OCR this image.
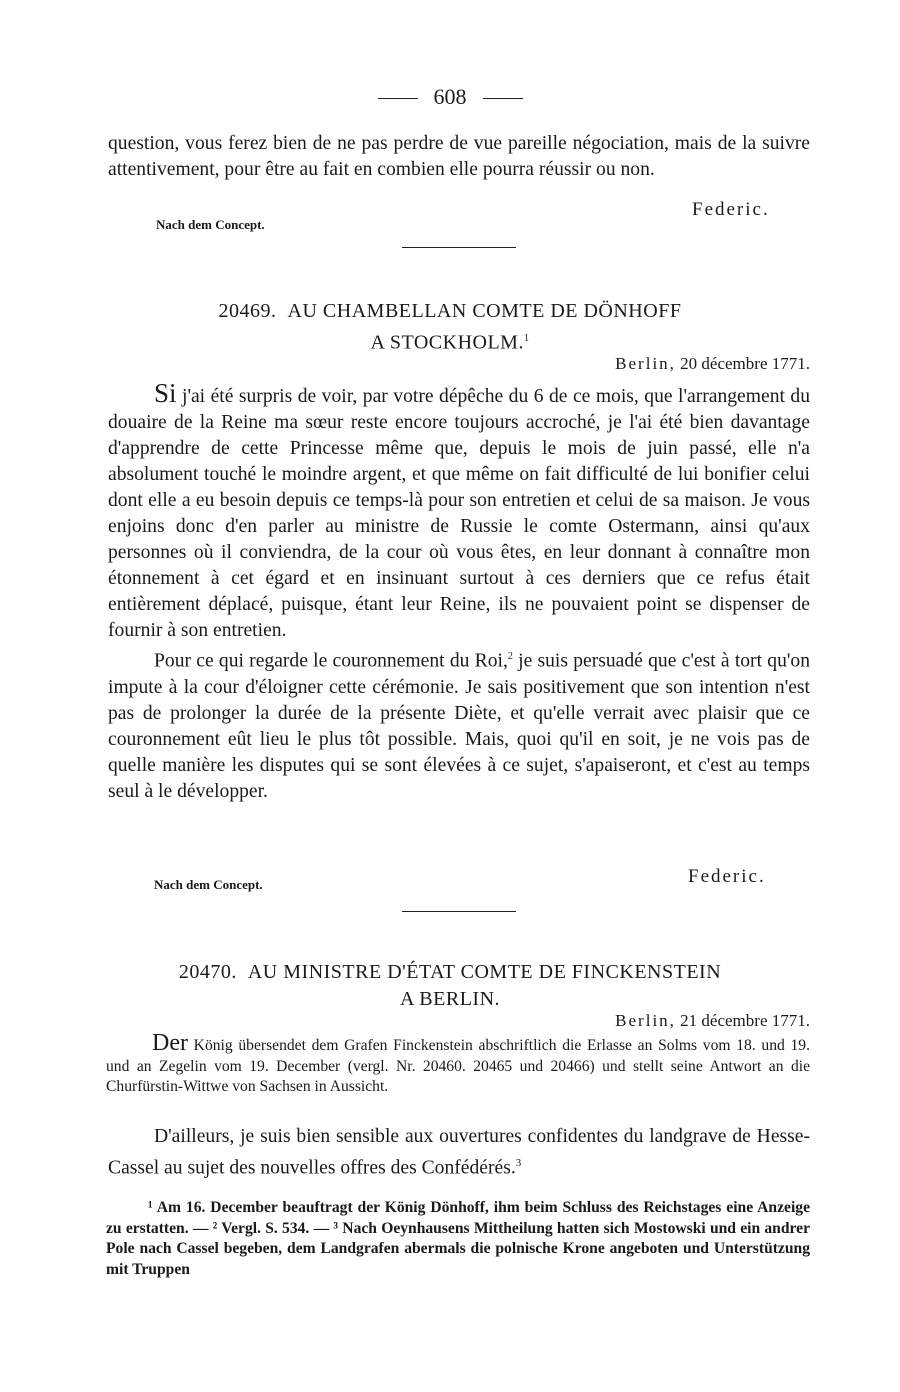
608

question, vous ferez bien de ne pas perdre de vue pareille négociation, mais de la suivre attentivement, pour être au fait en combien elle pourra réussir ou non.

Nach dem Concept.
Federic.
20469. AU CHAMBELLAN COMTE DE DÖNHOFF
A STOCKHOLM.$^1$
Berlin, 20 décembre 1771.

Si j'ai été surpris de voir, par votre dépêche du 6 de ce mois, que l'arrangement du douaire de la Reine ma sœur reste encore toujours accroché, je l'ai été bien davantage d'apprendre de cette Princesse même que, depuis le mois de juin passé, elle n'a absolument touché le moindre argent, et que même on fait difficulté de lui bonifier celui dont elle a eu besoin depuis ce temps-là pour son entretien et celui de sa maison. Je vous enjoins donc d'en parler au ministre de Russie le comte Ostermann, ainsi qu'aux personnes où il conviendra, de la cour où vous êtes, en leur donnant à connaître mon étonnement à cet égard et en insinuant surtout à ces derniers que ce refus était entièrement déplacé, puisque, étant leur Reine, ils ne pouvaient point se dispenser de fournir à son entretien.

Pour ce qui regarde le couronnement du Roi,$^2$ je suis persuadé que c'est à tort qu'on impute à la cour d'éloigner cette cérémonie. Je sais positivement que son intention n'est pas de prolonger la durée de la présente Diète, et qu'elle verrait avec plaisir que ce couronnement eût lieu le plus tôt possible. Mais, quoi qu'il en soit, je ne vois pas de quelle manière les disputes qui se sont élevées à ce sujet, s'apaiseront, et c'est au temps seul à le développer.

Nach dem Concept.	Federic.
20470. AU MINISTRE D'ÉTAT COMTE DE FINCKENSTEIN
A BERLIN.
Berlin, 21 décembre 1771.

Der König übersendet dem Grafen Finckenstein abschriftlich die Erlasse an Solms vom 18. und 19. und an Zegelin vom 19. December (vergl. Nr. 20460. 20465 und 20466) und stellt seine Antwort an die Churfürstin-Wittwe von Sachsen in Aussicht.

D'ailleurs, je suis bien sensible aux ouvertures confidentes du landgrave de Hesse-Cassel au sujet des nouvelles offres des Confédérés.$^3$

¹ Am 16. December beauftragt der König Dönhoff, ihm beim Schluss des Reichstages eine Anzeige zu erstatten. — ² Vergl. S. 534. — ³ Nach Oeynhausens Mittheilung hatten sich Mostowski und ein andrer Pole nach Cassel begeben, dem Landgrafen abermals die polnische Krone angeboten und Unterstützung mit Truppen
